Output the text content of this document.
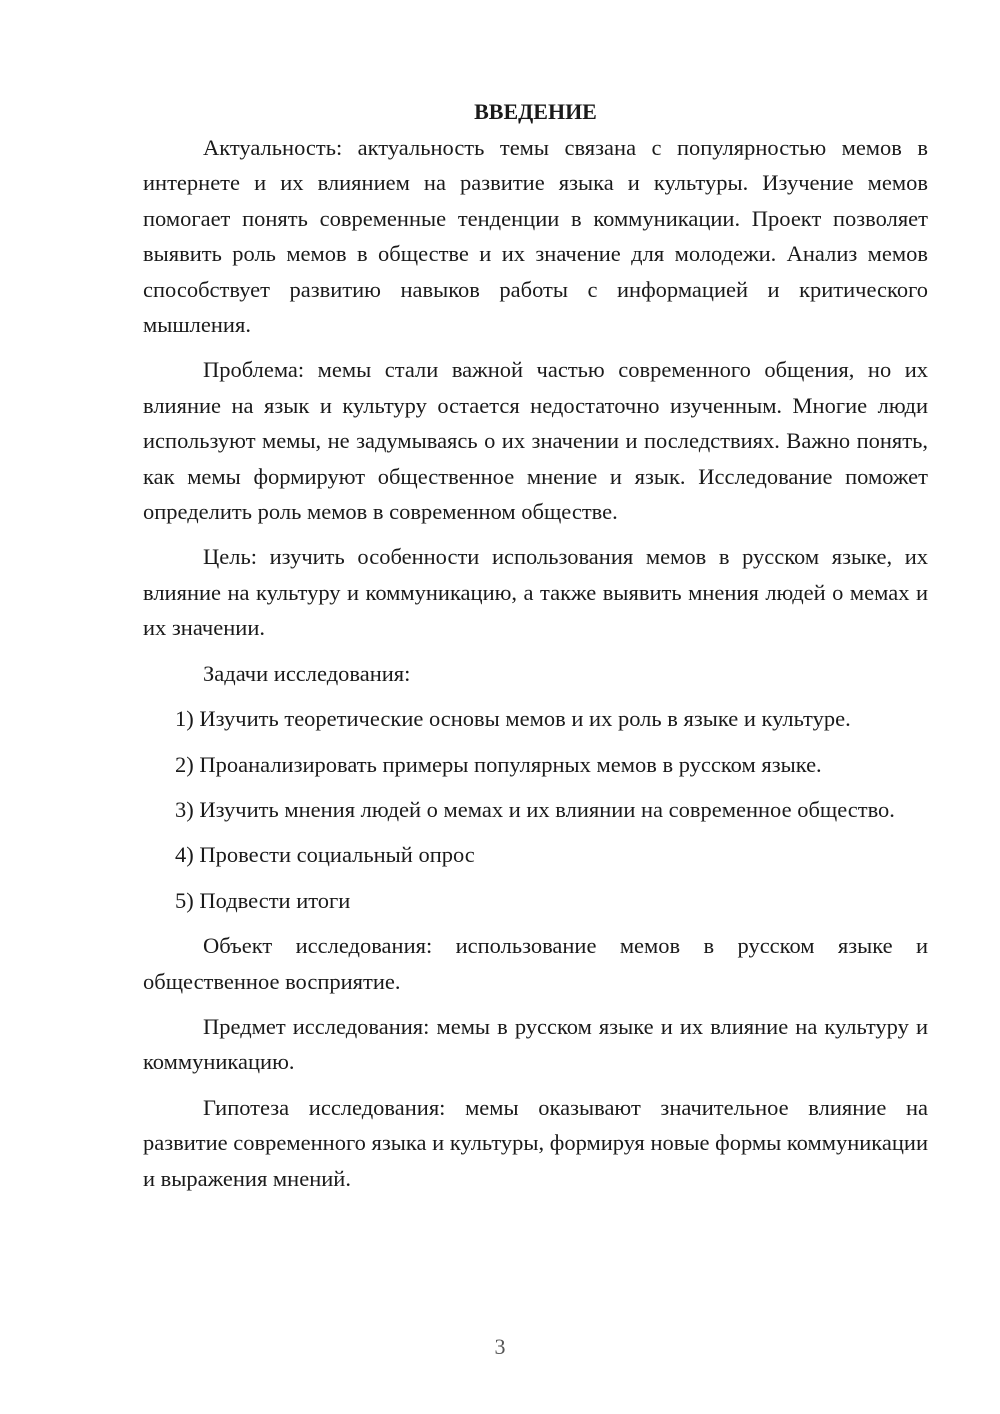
ВВЕДЕНИЕ

Актуальность: актуальность темы связана с популярностью мемов в интернете и их влиянием на развитие языка и культуры. Изучение мемов помогает понять современные тенденции в коммуникации. Проект позволяет выявить роль мемов в обществе и их значение для молодежи. Анализ мемов способствует развитию навыков работы с информацией и критического мышления.

Проблема: мемы стали важной частью современного общения, но их влияние на язык и культуру остается недостаточно изученным. Многие люди используют мемы, не задумываясь о их значении и последствиях. Важно понять, как мемы формируют общественное мнение и язык. Исследование поможет определить роль мемов в современном обществе.

Цель: изучить особенности использования мемов в русском языке, их влияние на культуру и коммуникацию, а также выявить мнения людей о мемах и их значении.

Задачи исследования:

1) Изучить теоретические основы мемов и их роль в языке и культуре.

2) Проанализировать примеры популярных мемов в русском языке.

3) Изучить мнения людей о мемах и их влиянии на современное общество.

4) Провести социальный опрос

5) Подвести итоги

Объект исследования: использование мемов в русском языке и общественное восприятие.

Предмет исследования: мемы в русском языке и их влияние на культуру и коммуникацию.

Гипотеза исследования: мемы оказывают значительное влияние на развитие современного языка и культуры, формируя новые формы коммуникации и выражения мнений.

3
